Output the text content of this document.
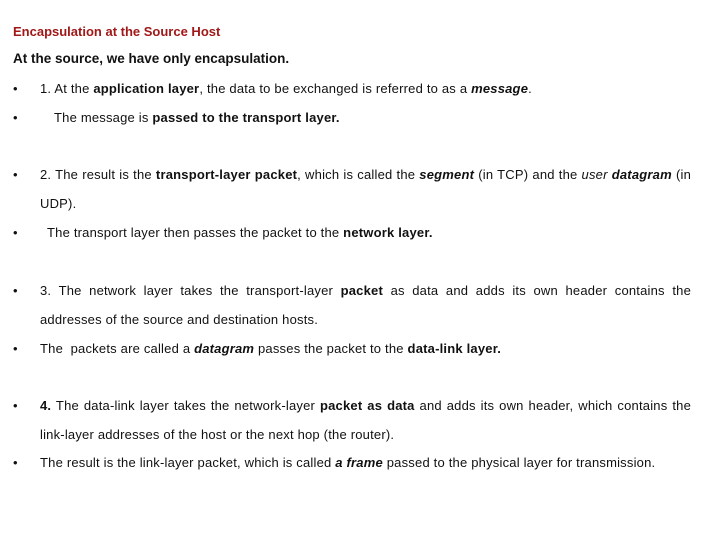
Encapsulation at the Source Host
At the source, we have only encapsulation.
• 1. At the application layer, the data to be exchanged is referred to as a message.
•	The message is passed to the transport layer.
• 2. The result is the transport-layer packet, which is called the segment (in TCP) and the user datagram (in UDP).
• The transport layer then passes the packet to the network layer.
• 3. The network layer takes the transport-layer packet as data and adds its own header contains the addresses of the source and destination hosts.
• The  packets are called a datagram passes the packet to the data-link layer.
• 4. The data-link layer takes the network-layer packet as data and adds its own header, which contains the link-layer addresses of the host or the next hop (the router).
• The result is the link-layer packet, which is called a frame passed to the physical layer for transmission.
